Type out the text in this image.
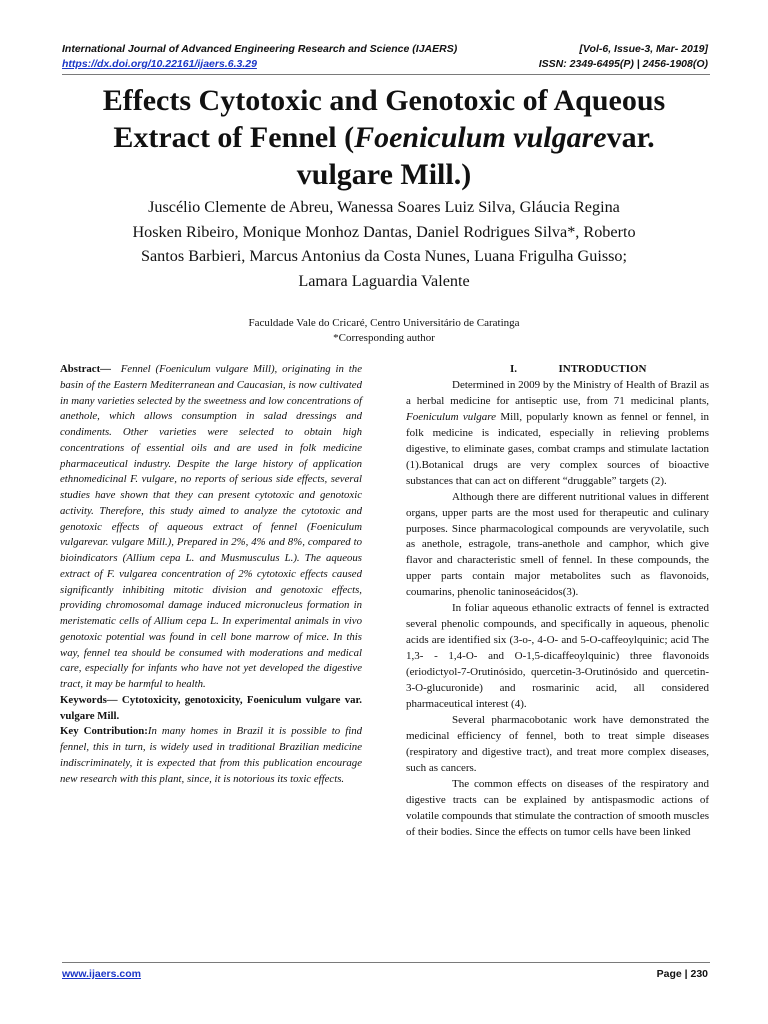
International Journal of Advanced Engineering Research and Science (IJAERS)	[Vol-6, Issue-3, Mar- 2019]
https://dx.doi.org/10.22161/ijaers.6.3.29	ISSN: 2349-6495(P) | 2456-1908(O)
Effects Cytotoxic and Genotoxic of Aqueous
Extract of Fennel (Foeniculum vulgarevar.
vulgare Mill.)
Juscélio Clemente de Abreu, Wanessa Soares Luiz Silva, Gláucia Regina
Hosken Ribeiro, Monique Monhoz Dantas, Daniel Rodrigues Silva*, Roberto
Santos Barbieri, Marcus Antonius da Costa Nunes, Luana Frigulha Guisso;
Lamara Laguardia Valente
Faculdade Vale do Cricaré, Centro Universitário de Caratinga
*Corresponding author

Abstract— Fennel (Foeniculum vulgare Mill), originating in the basin of the Eastern Mediterranean and Caucasian, is now cultivated in many varieties selected by the sweetness and low concentrations of anethole, which allows consumption in salad dressings and condiments. Other varieties were selected to obtain high concentrations of essential oils and are used in folk medicine pharmaceutical industry. Despite the large history of application ethnomedicinal F. vulgare, no reports of serious side effects, several studies have shown that they can present cytotoxic and genotoxic activity. Therefore, this study aimed to analyze the cytotoxic and genotoxic effects of aqueous extract of fennel (Foeniculum vulgarevar. vulgare Mill.), Prepared in 2%, 4% and 8%, compared to bioindicators (Allium cepa L. and Musmusculus L.). The aqueous extract of F. vulgarea concentration of 2% cytotoxic effects caused significantly inhibiting mitotic division and genotoxic effects, providing chromosomal damage induced micronucleus formation in meristematic cells of Allium cepa L. In experimental animals in vivo genotoxic potential was found in cell bone marrow of mice. In this way, fennel tea should be consumed with moderations and medical care, especially for infants who have not yet developed the digestive tract, it may be harmful to health.

Keywords— Cytotoxicity, genotoxicity, Foeniculum vulgare var. vulgare Mill.

Key Contribution:In many homes in Brazil it is possible to find fennel, this in turn, is widely used in traditional Brazilian medicine indiscriminately, it is expected that from this publication encourage new research with this plant, since, it is notorious its toxic effects.

I.	INTRODUCTION

Determined in 2009 by the Ministry of Health of Brazil as a herbal medicine for antiseptic use, from 71 medicinal plants, Foeniculum vulgare Mill, popularly known as fennel or fennel, in folk medicine is indicated, especially in relieving problems digestive, to eliminate gases, combat cramps and stimulate lactation (1).Botanical drugs are very complex sources of bioactive substances that can act on different “druggable” targets (2).

Although there are different nutritional values in different organs, upper parts are the most used for therapeutic and culinary purposes. Since pharmacological compounds are veryvolatile, such as anethole, estragole, trans-anethole and camphor, which give flavor and characteristic smell of fennel. In these compounds, the upper parts contain major metabolites such as flavonoids, coumarins, phenolic taninoseácidos(3).

In foliar aqueous ethanolic extracts of fennel is extracted several phenolic compounds, and specifically in aqueous, phenolic acids are identified six (3-o-, 4-O- and 5-O-caffeoylquinic; acid The 1,3- - 1,4-O- and O-1,5-dicaffeoylquinic) three flavonoids (eriodictyol-7-Orutinósido, quercetin-3-Orutinósido and quercetin-3-O-glucuronide) and rosmarinic acid, all considered pharmaceutical interest (4).

Several pharmacobotanic work have demonstrated the medicinal efficiency of fennel, both to treat simple diseases (respiratory and digestive tract), and treat more complex diseases, such as cancers.

The common effects on diseases of the respiratory and digestive tracts can be explained by antispasmodic actions of volatile compounds that stimulate the contraction of smooth muscles of their bodies. Since the effects on tumor cells have been linked

www.ijaers.com	Page | 230
